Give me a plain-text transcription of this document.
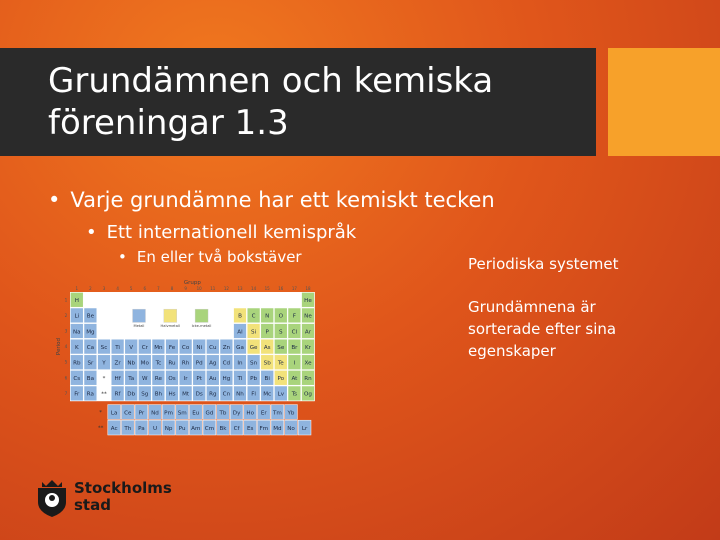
Grundämnen och kemiska föreningar 1.3
• Varje grundämne har ett kemiskt tecken
• Ett internationell kemispråk
• En eller två bokstäver	Periodiska systemet
Grundämnena är sorterade efter sina egenskaper
Grupp
1	2	3	4	5	6	7	8	9 10 11 12 13 14 15 16 17 18
1
2
3
4
5
6
7
Period
H	He
Li Be	B C N O F Ne
Na Mg	Al Si P S Cl Ar
K Ca Sc Ti V Cr Mn Fe Co Ni Cu Zn Ga Ge As Se Br Kr
Rb Sr Y Zr Nb Mo Tc Ru Rh Pd Ag Cd In Sn Sb Te I Xe
Cs Ba * Hf Ta W Re Os Ir Pt Au Hg Tl Pb Bi Po At Rn
Fr Ra ** Rf Db Sg Bh Hs Mt Ds Rg Cn Nh Fl Mc Lv Ts Og
Metall	Halvmetall	Icke-metall
* La Ce Pr Nd Pm Sm Eu Gd Tb Dy Ho Er Tm Yb
** Ac Th Pa U Np Pu Am Cm Bk Cf Es Fm Md No Lr
Stockholms
stad
